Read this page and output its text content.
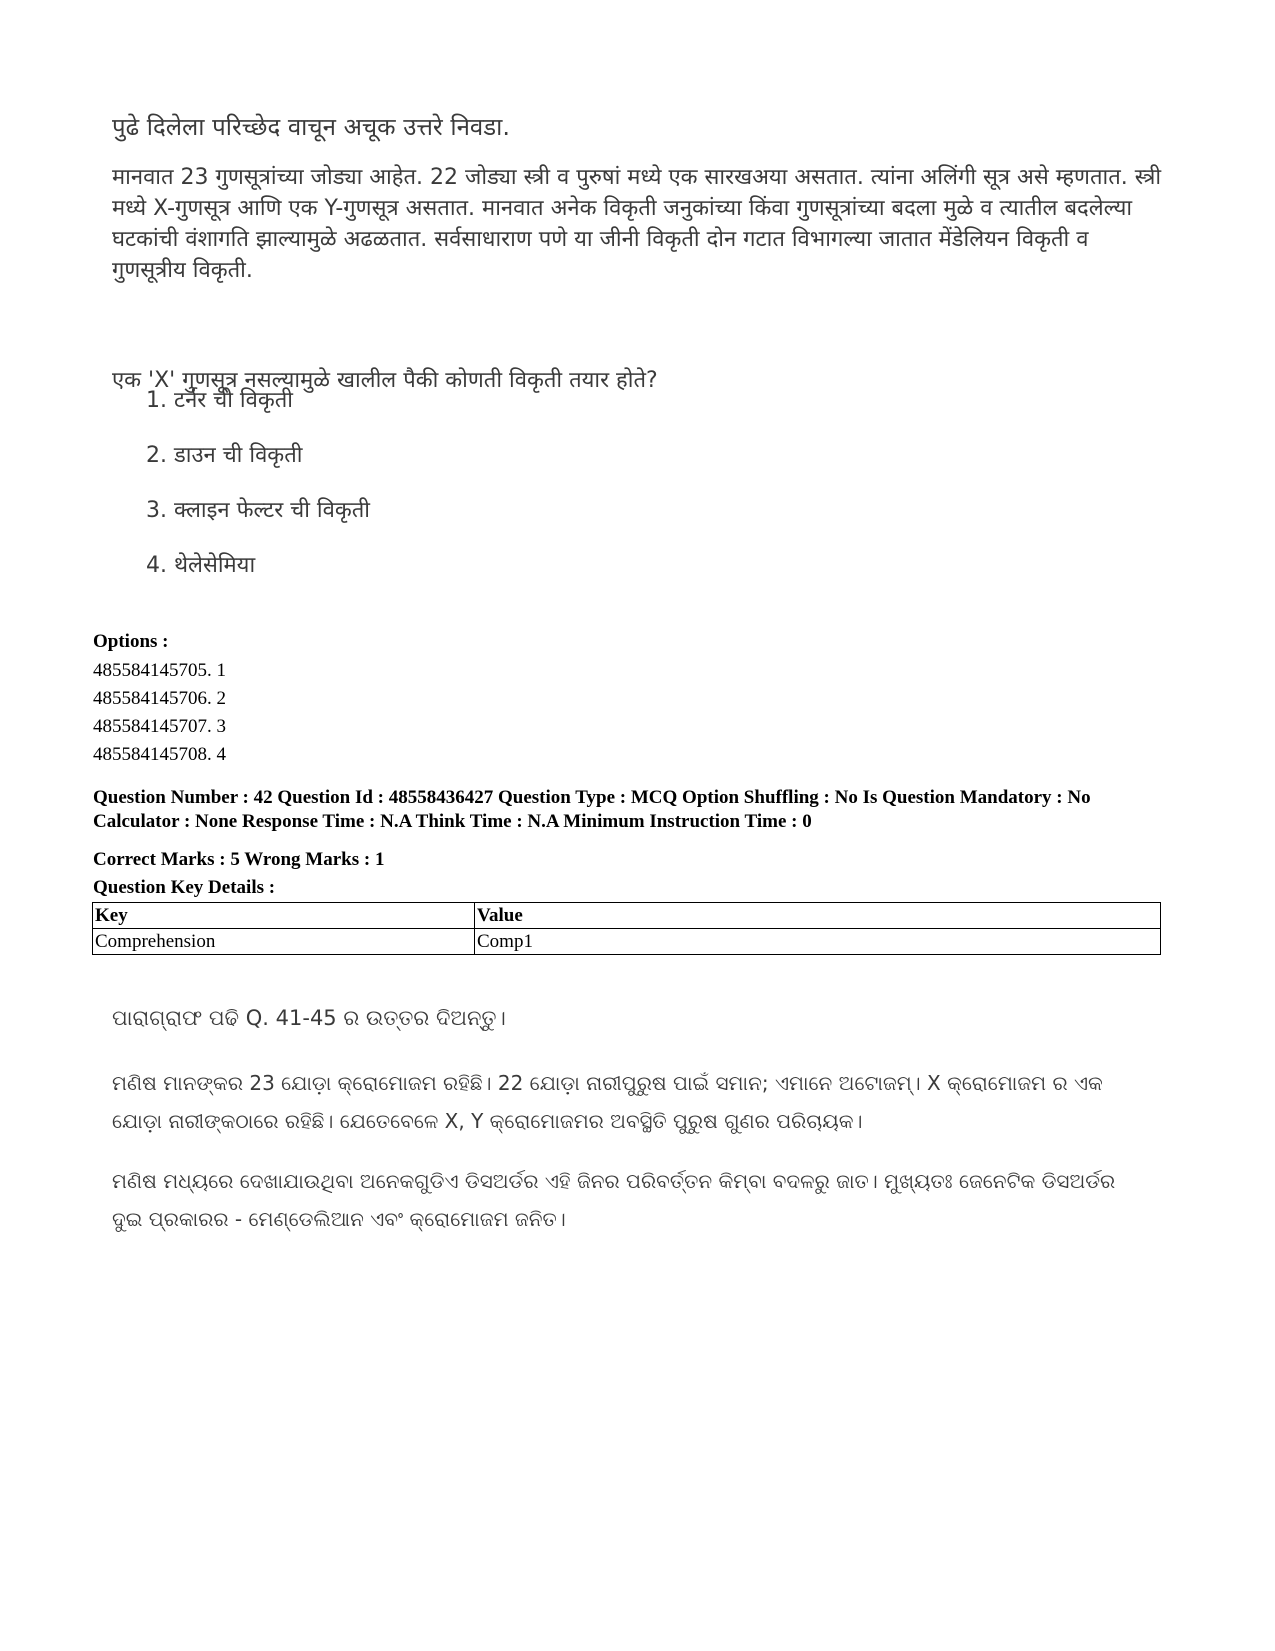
पुढे दिलेला परिच्छेद वाचून अचूक उत्तरे निवडा.

मानवात 23 गुणसूत्रांच्या जोड्या आहेत. 22 जोड्या स्त्री व पुरुषां मध्ये एक सारखअया असतात. त्यांना अलिंगी सूत्र असे म्हणतात. स्त्री मध्ये X-गुणसूत्र आणि एक Y-गुणसूत्र असतात. मानवात अनेक विकृती जनुकांच्या किंवा गुणसूत्रांच्या बदला मुळे व त्यातील बदलेल्या घटकांची वंशागति झाल्यामुळे अढळतात. सर्वसाधाराण पणे या जीनी विकृती दोन गटात विभागल्या जातात मेंडेलियन विकृती व गुणसूत्रीय विकृती.

एक 'X' गुणसूत्र नसल्यामुळे खालील पैकी कोणती विकृती तयार होते?

1. टर्नर ची विकृती
2. डाउन ची विकृती
3. क्लाइन फेल्टर ची विकृती
4. थेलेसेमिया
Options :
485584145705. 1
485584145706. 2
485584145707. 3
485584145708. 4
Question Number : 42 Question Id : 48558436427 Question Type : MCQ Option Shuffling : No Is Question Mandatory : No Calculator : None Response Time : N.A Think Time : N.A Minimum Instruction Time : 0
Correct Marks : 5 Wrong Marks : 1
Question Key Details :
Key	Value
Comprehension	Comp1

ପାରାଗ୍ରାଫ ପଢି Q. 41-45 ର ଉତ୍ତର ଦିଅନ୍ତୁ।

ମଣିଷ ମାନଙ୍କର 23 ଯୋଡ଼ା କ୍ରୋମୋଜମ ରହିଛି। 22 ଯୋଡ଼ା ନାରୀପୁରୁଷ ପାଇଁ ସମାନ; ଏମାନେ ଅଟୋଜମ୍। X କ୍ରୋମୋଜମ ର ଏକ ଯୋଡ଼ା ନାରୀଙ୍କଠାରେ ରହିଛି। ଯେତେବେଳେ X, Y କ୍ରୋମୋଜମର ଅବସ୍ଥିତି ପୁରୁଷ ଗୁଣର ପରିଚାୟକ।

ମଣିଷ ମଧ୍ୟରେ ଦେଖାଯାଉଥିବା ଅନେକଗୁଡିଏ ଡିସଅର୍ଡର ଏହି ଜିନର ପରିବର୍ତ୍ତନ କିମ୍ବା ବଦଳରୁ ଜାତ। ମୁଖ୍ୟତଃ ଜେନେଟିକ ଡିସଅର୍ଡର ଦୁଇ ପ୍ରକାରର - ମେଣ୍ଡେଲିଆନ ଏବଂ କ୍ରୋମୋଜମ ଜନିତ।
